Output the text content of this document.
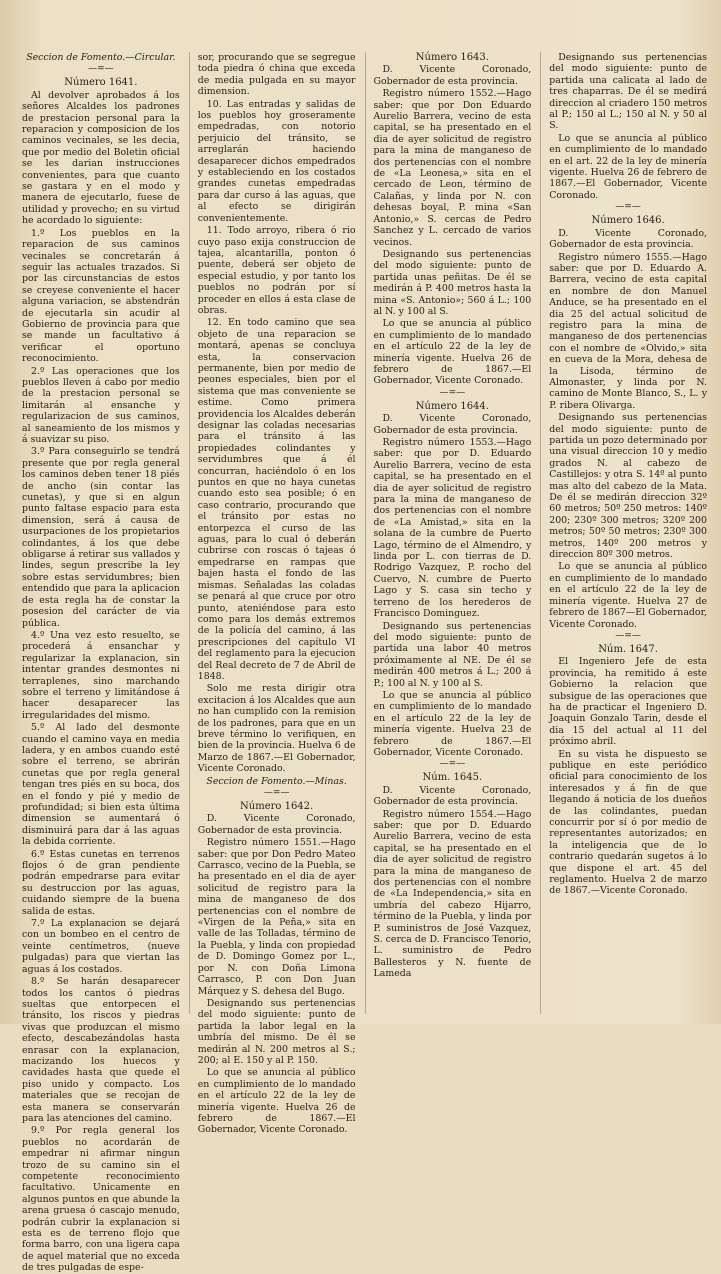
Seccion de Fomento.—Circular.

—=—

Número 1641.

Al devolver aprobados á los señores Alcaldes los padrones de prestacion personal para la reparacion y composicion de los caminos vecinales, se les decia, que por medio del Boletin oficial se les darian instrucciones convenientes, para que cuanto se gastara y en el modo y manera de ejecutarlo, fuese de utilidad y provecho; en su virtud he acordado lo siguiente:

1.º Los pueblos en la reparacion de sus caminos vecinales se concretarán á seguir las actuales trazados. Si por las circunstancias de estos se creyese conveniente el hacer alguna variacion, se abstendrán de ejecutarla sin acudir al Gobierno de provincia para que se mande un facultativo á verificar el oportuno reconocimiento.

2.º Las operaciones que los pueblos lleven á cabo por medio de la prestacion personal se limitarán al ensanche y regularizacion de sus caminos, al saneamiento de los mismos y á suavizar su piso.

3.º Para conseguirlo se tendrá presente que por regla general los caminos deben tener 18 piés de ancho (sin contar las cunetas), y que si en algun punto faltase espacio para esta dimension, será á causa de usurpaciones de los propietarios colindantes, á los que debe obligarse á retirar sus vallados y lindes, segun prescribe la ley sobre estas servidumbres; bien entendido que para la aplicacion de esta regla ha de constar la posesion del carácter de via pública.

4.º Una vez esto resuelto, se procederá á ensanchar y regularizar la explanacion, sin intentar grandes desmontes ni terraplenes, sino marchando sobre el terreno y limitándose á hacer desaparecer las irregularidades del mismo.

5.º Al lado del desmonte cuando el camino vaya en media ladera, y en ambos cuando esté sobre el terreno, se abrirán cunetas que por regla general tengan tres piés en su boca, dos en el fondo y pié y medio de profundidad; si bien esta última dimension se aumentará ó disminuirá para dar á las aguas la debida corriente.

6.º Estas cunetas en terrenos flojos ó de gran pendiente podrán empedrarse para evitar su destruccion por las aguas, cuidando siempre de la buena salida de estas.

7.º La explanacion se dejará con un bombeo en el centro de veinte centímetros, (nueve pulgadas) para que viertan las aguas á los costados.

8.º Se harán desaparecer todos los cantos ó piedras sueltas que entorpecen el tránsito, los riscos y piedras vivas que produzcan el mismo efecto, descabezándolas hasta enrasar con la explanacion, macizando los huecos y cavidades hasta que quede el piso unido y compacto. Los materiales que se recojan de esta manera se conservarán para las atenciones del camino.

9.º Por regla general los pueblos no acordarán de empedrar ni afirmar ningun trozo de su camino sin el competente reconocimiento facultativo. Unicamente en algunos puntos en que abunde la arena gruesa ó cascajo menudo, podrán cubrir la explanacion si esta es de terreno flojo que forma barro, con una ligera capa de aquel material que no exceda de tres pulgadas de espe-

sor, procurando que se segregue toda piedra ó china que exceda de media pulgada en su mayor dimension.

10. Las entradas y salidas de los pueblos hoy groseramente empedradas, con notorio perjuicio del tránsito, se arreglarán haciendo desaparecer dichos empedrados y estableciendo en los costados grandes cunetas empedradas para dar curso á las aguas, que al efecto se dirigirán convenientemente.

11. Todo arroyo, ribera ó rio cuyo paso exija construccion de tajea, alcantarilla, ponton ó puente, deberá ser objeto de especial estudio, y por tanto los pueblos no podrán por sí proceder en ellos á esta clase de obras.

12. En todo camino que sea objeto de una reparacion se montará, apenas se concluya esta, la conservacion permanente, bien por medio de peones especiales, bien por el sistema que mas conveniente se estime. Como primera providencia los Alcaldes deberán designar las coladas necesarias para el tránsito á las propiedades colindantes y servidumbres que á él concurran, haciéndolo ó en los puntos en que no haya cunetas cuando esto sea posible; ó en caso contrario, procurando que el tránsito por estas no entorpezca el curso de las aguas, para lo cual ó deberán cubrirse con roscas ó tajeas ó empedrarse en rampas que bajen hasta el fondo de las mismas. Señaladas las coladas se penará al que cruce por otro punto, ateniéndose para esto como para los demás extremos de la policía del camino, á las prescripciones del capítulo VI del reglamento para la ejecucion del Real decreto de 7 de Abril de 1848.

Solo me resta dirigir otra excitacion á los Alcaldes que aun no han cumplido con la remision de los padrones, para que en un breve término lo verifiquen, en bien de la provincia. Huelva 6 de Marzo de 1867.—El Gobernador, Vicente Coronado.

Seccion de Fomento.—Minas.

—=—

Número 1642.

D. Vicente Coronado, Gobernador de esta provincia.

Registro número 1551.—Hago saber: que por Don Pedro Mateo Carrasco, vecino de la Puebla, se ha presentado en el dia de ayer solicitud de registro para la mina de manganeso de dos pertenencias con el nombre de «Virgen de la Peña,» sita en valle de las Tolladas, término de la Puebla, y linda con propiedad de D. Domingo Gomez por L., por N. con Doña Limona Carrasco, P. con Don Juan Márquez y S. dehesa del Bugo.

Designando sus pertenencias del modo siguiente: punto de partida la labor legal en la umbría del mismo. De él se medirán al N. 200 metros al S.; 200; al E. 150 y al P. 150.

Lo que se anuncia al público en cumplimiento de lo mandado en el artículo 22 de la ley de minería vigente. Huelva 26 de febrero de 1867.—El Gobernador, Vicente Coronado.

Número 1643.

D. Vicente Coronado, Gobernador de esta provincia.

Registro número 1552.—Hago saber: que por Don Eduardo Aurelio Barrera, vecino de esta capital, se ha presentado en el dia de ayer solicitud de registro para la mina de manganeso de dos pertenencias con el nombre de «La Leonesa,» sita en el cercado de Leon, término de Calañas, y linda por N. con dehesas boyal, P. mina «San Antonio,» S. cercas de Pedro Sanchez y L. cercado de varios vecinos.

Designando sus pertenencias del modo siguiente: punto de partida unas peñitas. De él se medirán á P. 400 metros hasta la mina «S. Antonio»; 560 á L.; 100 al N. y 100 al S.

Lo que se anuncia al público en cumplimiento de lo mandado en el artículo 22 de la ley de minería vigente. Huelva 26 de febrero de 1867.—El Gobernador, Vicente Coronado.

—=—

Número 1644.

D. Vicente Coronado, Gobernador de esta provincia.

Registro número 1553.—Hago saber: que por D. Eduardo Aurelio Barrera, vecino de esta capital, se ha presentado en el dia de ayer solicitud de registro para la mina de manganeso de dos pertenencias con el nombre de «La Amistad,» sita en la solana de la cumbre de Puerto Lago, término de el Almendro, y linda por L. con tierras de D. Rodrigo Vazquez, P. rocho del Cuervo, N. cumbre de Puerto Lago y S. casa sin techo y terreno de los herederos de Francisco Dominguez.

Designando sus pertenencias del modo siguiente: punto de partida una labor 40 metros próximamente al NE. De él se medirán 400 metros á L.; 200 á P.; 100 al N. y 100 al S.

Lo que se anuncia al público en cumplimiento de lo mandado en el artículo 22 de la ley de minería vigente. Huelva 23 de febrero de 1867.—El Gobernador, Vicente Coronado.

—=—

Núm. 1645.

D. Vicente Coronado, Gobernador de esta provincia.

Registro número 1554.—Hago saber: que por D. Eduardo Aurelio Barrera, vecino de esta capital, se ha presentado en el dia de ayer solicitud de registro para la mina de manganeso de dos pertenencias con el nombre de «La Independencia,» sita en umbría del cabezo Hijarro, término de la Puebla, y linda por P. suministros de José Vazquez, S. cerca de D. Francisco Tenorio, L. suministro de Pedro Ballesteros y N. fuente de Lameda

Designando sus pertenencias del modo siguiente: punto de partida una calicata al lado de tres chaparras. De él se medirá direccion al criadero 150 metros al P.; 150 al L.; 150 al N. y 50 al S.

Lo que se anuncia al público en cumplimiento de lo mandado en el art. 22 de la ley de minería vigente. Huelva 26 de febrero de 1867.—El Gobernador, Vicente Coronado.

—=—

Número 1646.

D. Vicente Coronado, Gobernador de esta provincia.

Registro número 1555.—Hago saber: que por D. Eduardo A. Barrera, vecino de esta capital en nombre de don Manuel Anduce, se ha presentado en el dia 25 del actual solicitud de registro para la mina de manganeso de dos pertenencias con el nombre de «Olvido,» sita en cueva de la Mora, dehesa de la Lisoda, término de Almonaster, y linda por N. camino de Monte Blanco, S., L. y P. ribera Olivarga.

Designando sus pertenencias del modo siguiente: punto de partida un pozo determinado por una visual direccion 10 y medio grados N. al cabezo de Castillejos: y otra S. 14º al punto mas alto del cabezo de la Mata. De él se medirán direccion 32º 60 metros; 50º 250 metros: 140º 200; 230º 300 metros; 320º 200 metros; 50º 50 metros; 230º 300 metros, 140º 200 metros y direccion 80º 300 metros.

Lo que se anuncia al público en cumplimiento de lo mandado en el artículo 22 de la ley de minería vigente. Huelva 27 de febrero de 1867—El Gobernador, Vicente Coronado.

—=—

Núm. 1647.

El Ingeniero Jefe de esta provincia, ha remitido á este Gobierno la relacion que subsigue de las operaciones que ha de practicar el Ingeniero D. Joaquin Gonzalo Tarin, desde el dia 15 del actual al 11 del próximo abril.

En su vista he dispuesto se publique en este periódico oficial para conocimiento de los interesados y á fin de que llegando á noticia de los dueños de las colindantes, puedan concurrir por sí ó por medio de representantes autorizados; en la inteligencia que de lo contrario quedarán sugetos á lo que dispone el art. 45 del reglamento. Huelva 2 de marzo de 1867.—Vicente Coronado.
